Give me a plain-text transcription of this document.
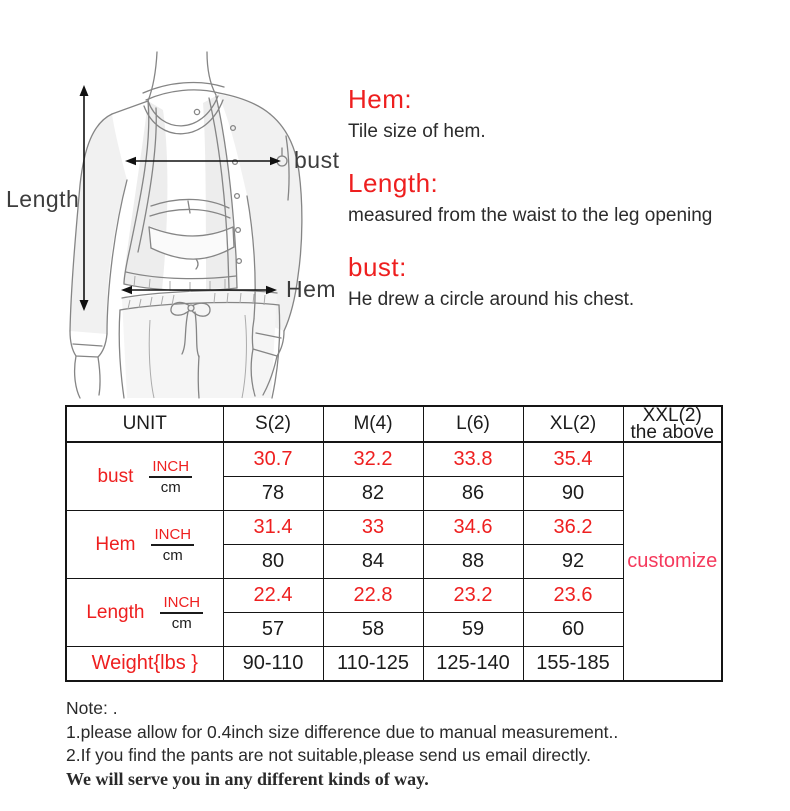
Length
bust
Hem
Hem:
Tile size of hem.
Length:
measured from the waist to the leg opening
bust:
He drew a circle around his chest.
UNIT	S(2)	M(4)	L(6)	XL(2)	XXL(2)
the above

bust $\frac{\text{INCH}}{cm}$	30.7	32.2	33.8	35.4	customize
	78	82	86	90	

Hem $\frac{\text{INCH}}{cm}$	31.4	33	34.6	36.2	
	80	84	88	92	

Length $\frac{\text{INCH}}{cm}$	22.4	22.8	23.2	23.6	
	57	58	59	60	
Weight{lbs }	90-110	110-125	125-140	155-185	
Note: .
1.please allow for 0.4inch size difference due to manual measurement..
2.If you find the pants are not suitable,please send us email directly.
We will serve you in any different kinds of way.
